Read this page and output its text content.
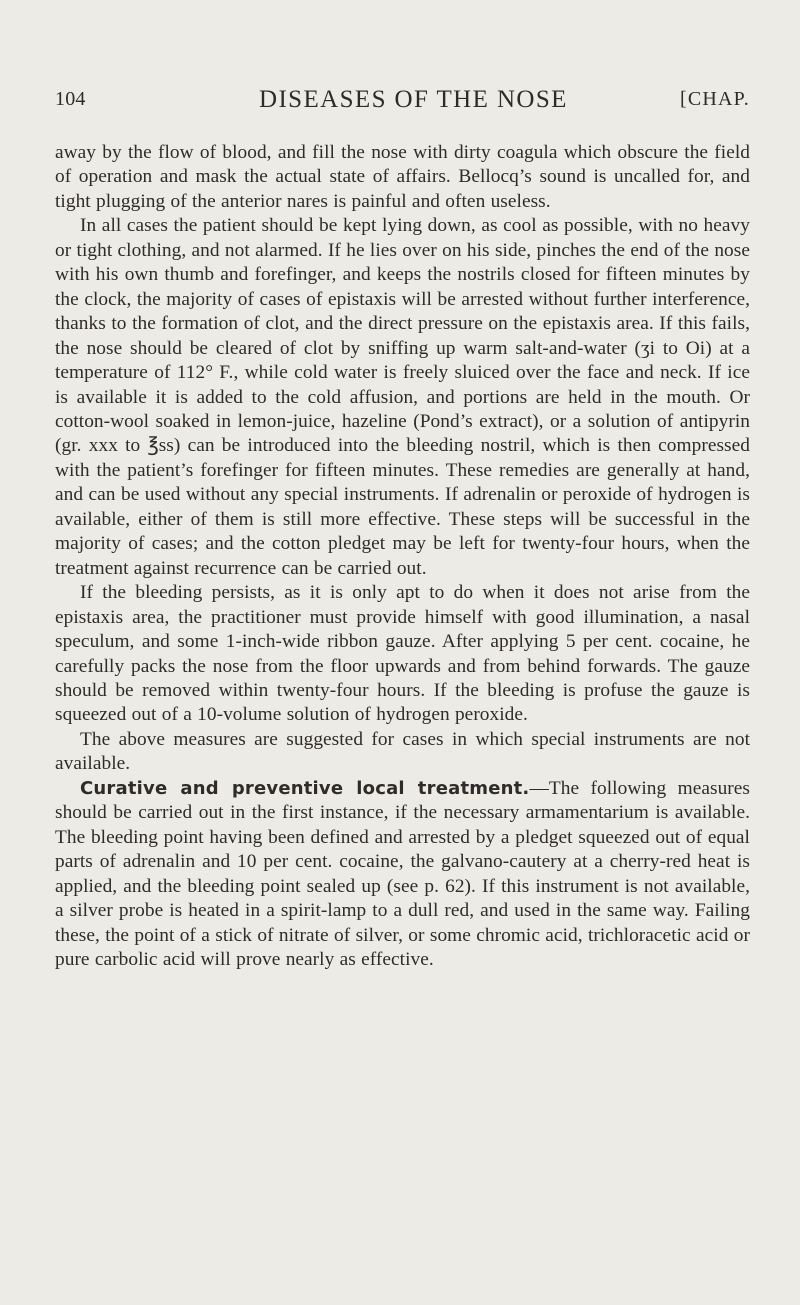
104	DISEASES OF THE NOSE	[CHAP.

away by the flow of blood, and fill the nose with dirty coagula which obscure the field of operation and mask the actual state of affairs. Bellocq’s sound is uncalled for, and tight plugging of the anterior nares is painful and often useless.

In all cases the patient should be kept lying down, as cool as possible, with no heavy or tight clothing, and not alarmed. If he lies over on his side, pinches the end of the nose with his own thumb and forefinger, and keeps the nostrils closed for fifteen minutes by the clock, the majority of cases of epistaxis will be arrested without further interference, thanks to the formation of clot, and the direct pressure on the epistaxis area. If this fails, the nose should be cleared of clot by sniffing up warm salt-and-water (ʒi to Oi) at a temperature of 112° F., while cold water is freely sluiced over the face and neck. If ice is available it is added to the cold affusion, and portions are held in the mouth. Or cotton-wool soaked in lemon-juice, hazeline (Pond’s extract), or a solution of antipyrin (gr. xxx to ℥ss) can be introduced into the bleeding nostril, which is then compressed with the patient’s forefinger for fifteen minutes. These remedies are generally at hand, and can be used without any special instruments. If adrenalin or peroxide of hydrogen is available, either of them is still more effective. These steps will be successful in the majority of cases; and the cotton pledget may be left for twenty-four hours, when the treatment against recurrence can be carried out.

If the bleeding persists, as it is only apt to do when it does not arise from the epistaxis area, the practitioner must provide himself with good illumination, a nasal speculum, and some 1-inch-wide ribbon gauze. After applying 5 per cent. cocaine, he carefully packs the nose from the floor upwards and from behind forwards. The gauze should be removed within twenty-four hours. If the bleeding is profuse the gauze is squeezed out of a 10-volume solution of hydrogen peroxide.

The above measures are suggested for cases in which special instruments are not available.

Curative and preventive local treatment.—The following measures should be carried out in the first instance, if the necessary armamentarium is available. The bleeding point having been defined and arrested by a pledget squeezed out of equal parts of adrenalin and 10 per cent. cocaine, the galvano-cautery at a cherry-red heat is applied, and the bleeding point sealed up (see p. 62). If this instrument is not available, a silver probe is heated in a spirit-lamp to a dull red, and used in the same way. Failing these, the point of a stick of nitrate of silver, or some chromic acid, trichloracetic acid or pure carbolic acid will prove nearly as effective.
